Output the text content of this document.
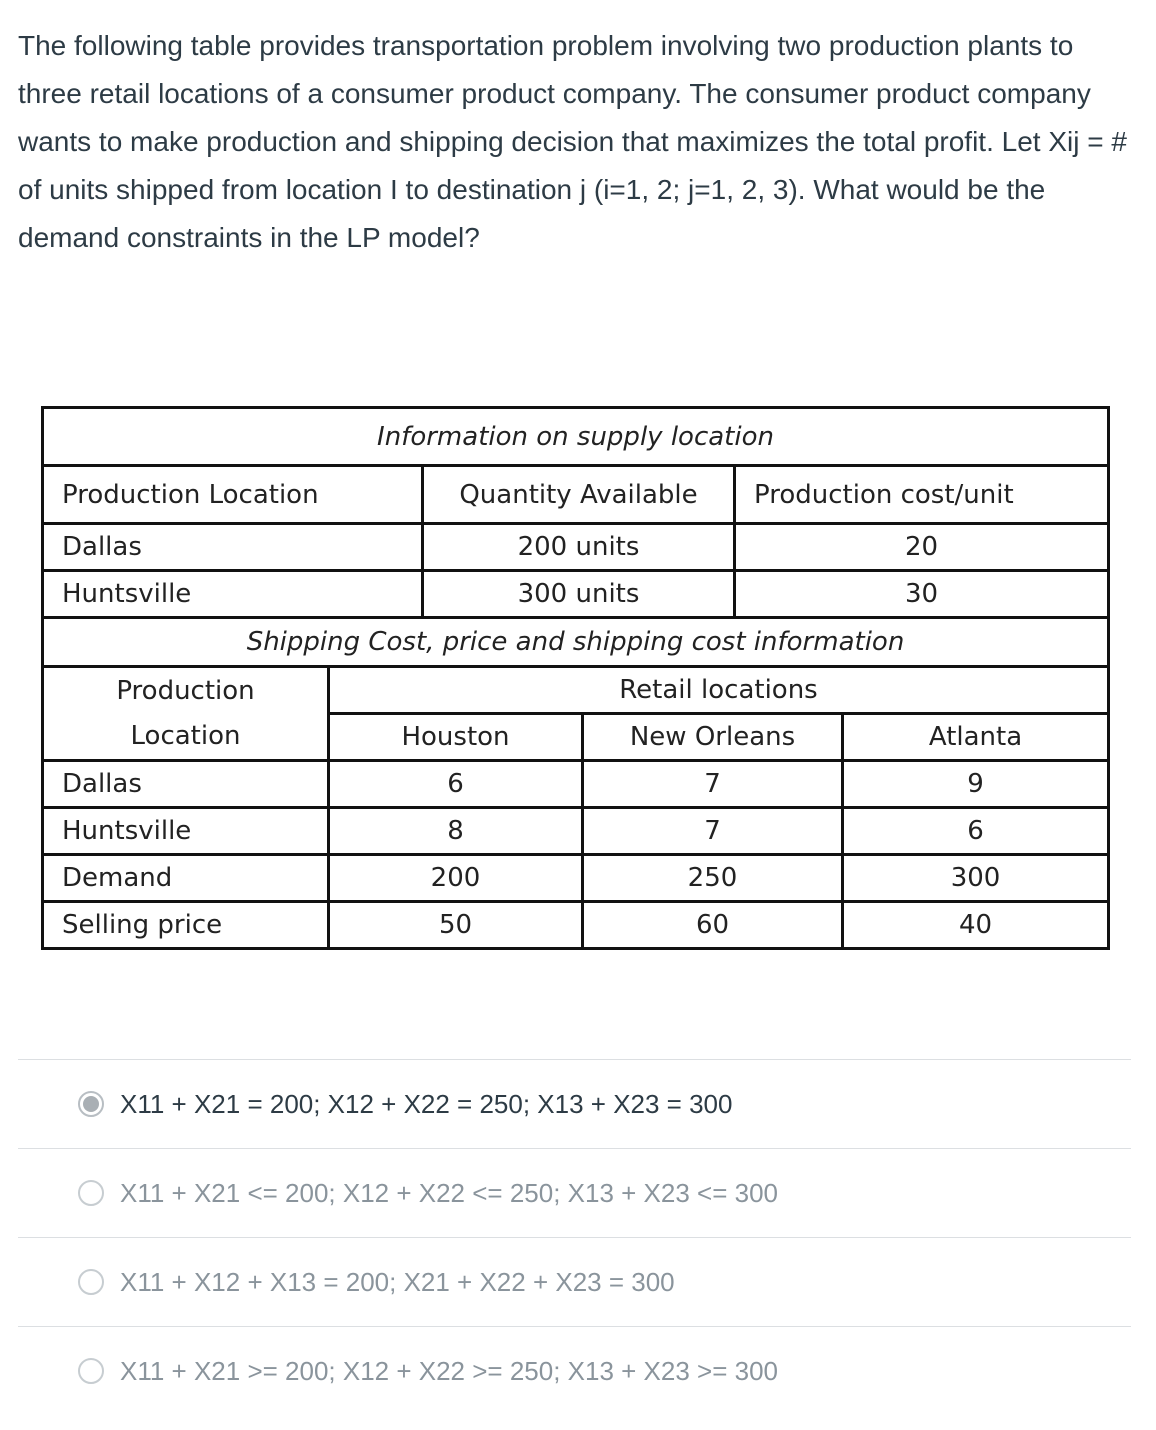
The following table provides transportation problem involving two production plants to three retail locations of a consumer product company. The consumer product company wants to make production and shipping decision that maximizes the total profit. Let Xij = # of units shipped from location I to destination j (i=1, 2; j=1, 2, 3). What would be the demand constraints in the LP model?

Information on supply location					
Production Location		Quantity Available		Production cost/unit	
Dallas		200 units		20	
Huntsville		300 units		30	
Shipping Cost, price and shipping cost information					
Production	Retail locations				
Location	Houston		New Orleans		Atlanta
Dallas	6		7		9
Huntsville	8		7		6
Demand	200		250		300
Selling price	50		60		40
X11 + X21 = 200; X12 + X22 = 250; X13 + X23 = 300
X11 + X21 <= 200; X12 + X22 <= 250; X13 + X23 <= 300
X11 + X12 + X13 = 200; X21 + X22 + X23 = 300
X11 + X21 >= 200; X12 + X22 >= 250; X13 + X23 >= 300
